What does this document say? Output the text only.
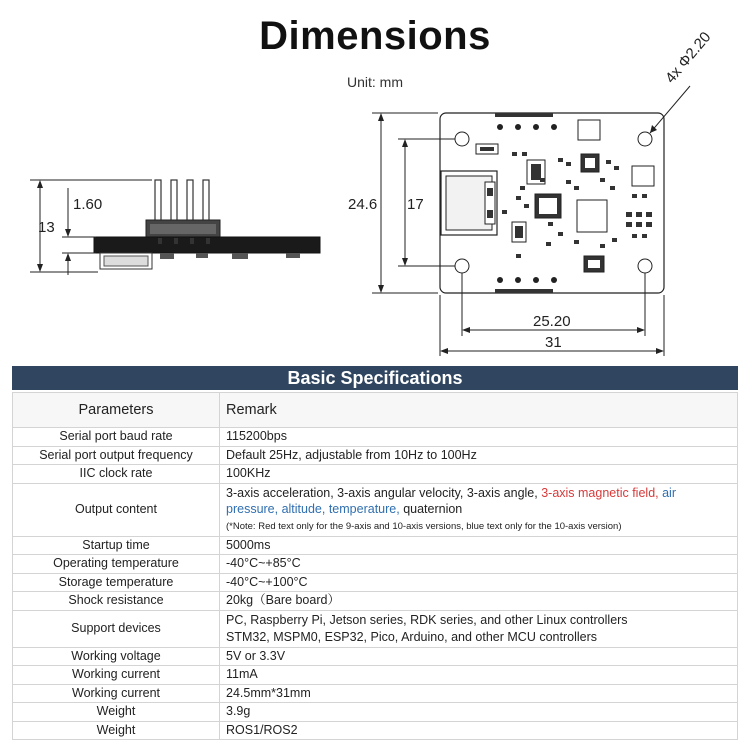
Dimensions
Unit: mm
13
1.60	24.6 17
25.20
31
4x Φ2.20
Basic Specifications
Parameters	Remark
Serial port baud rate	115200bps
Serial port output frequency	Default 25Hz, adjustable from 10Hz to 100Hz
IIC clock rate	100KHz
Output content	3-axis acceleration, 3-axis angular velocity, 3-axis angle, 3-axis magnetic field, air pressure, altitude, temperature, quaternion
(*Note: Red text only for the 9-axis and 10-axis versions, blue text only for the 10-axis version)
Startup time	5000ms
Operating temperature	-40°C~+85°C
Storage temperature	-40°C~+100°C
Shock resistance	20kg（Bare board）
Support devices	PC, Raspberry Pi, Jetson series, RDK series, and other Linux controllers
STM32, MSPM0, ESP32, Pico, Arduino, and other MCU controllers
Working voltage	5V or 3.3V
Working current	11mA
Working current	24.5mm*31mm
Weight	3.9g
Weight	ROS1/ROS2
